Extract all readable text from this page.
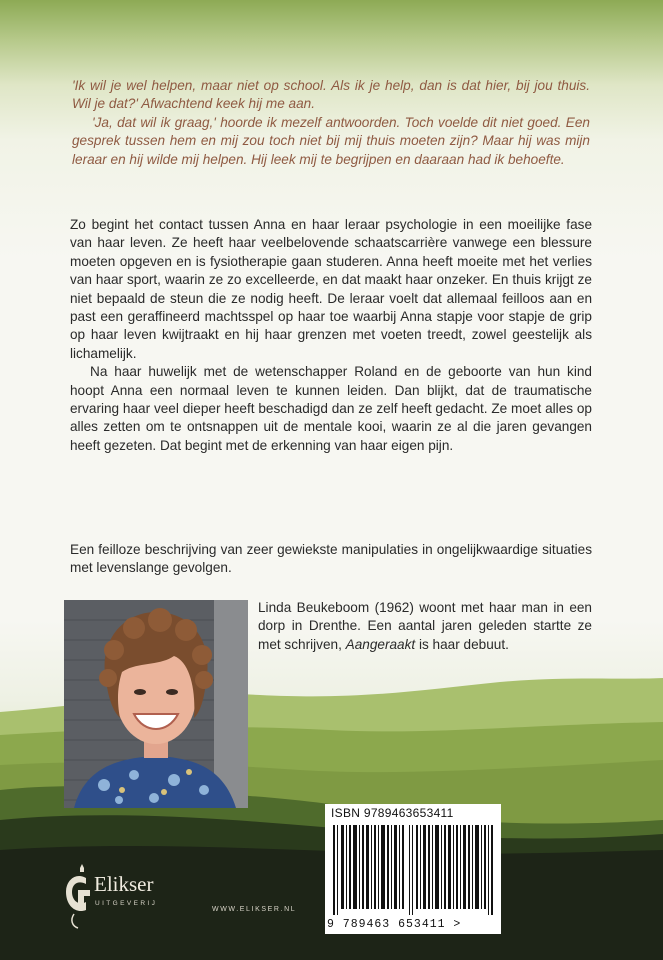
'Ik wil je wel helpen, maar niet op school. Als ik je help, dan is dat hier, bij jou thuis. Wil je dat?' Afwachtend keek hij me aan.

'Ja, dat wil ik graag,' hoorde ik mezelf antwoorden. Toch voelde dit niet goed. Een gesprek tussen hem en mij zou toch niet bij mij thuis moeten zijn? Maar hij was mijn leraar en hij wilde mij helpen. Hij leek mij te begrijpen en daaraan had ik behoefte.

Zo begint het contact tussen Anna en haar leraar psychologie in een moeilijke fase van haar leven. Ze heeft haar veelbelovende schaatscarrière vanwege een blessure moeten opgeven en is fysiotherapie gaan studeren. Anna heeft moeite met het verlies van haar sport, waarin ze zo excelleerde, en dat maakt haar onzeker. En thuis krijgt ze niet bepaald de steun die ze nodig heeft. De leraar voelt dat allemaal feilloos aan en past een geraffineerd machtsspel op haar toe waarbij Anna stapje voor stapje de grip op haar leven kwijtraakt en hij haar grenzen met voeten treedt, zowel geestelijk als lichamelijk.

Na haar huwelijk met de wetenschapper Roland en de geboorte van hun kind hoopt Anna een normaal leven te kunnen leiden. Dan blijkt, dat de traumatische ervaring haar veel dieper heeft beschadigd dan ze zelf heeft gedacht. Ze moet alles op alles zetten om te ontsnappen uit de mentale kooi, waarin ze al die jaren gevangen heeft gezeten. Dat begint met de erkenning van haar eigen pijn.

Een feilloze beschrijving van zeer gewiekste manipulaties in ongelijkwaardige situaties met levenslange gevolgen.
Linda Beukeboom (1962) woont met haar man in een dorp in Drenthe. Een aantal jaren geleden startte ze met schrijven, Aangeraakt is haar debuut.
ISBN 9789463653411
9 789463 653411 >
Elikser
UITGEVERIJ
WWW.ELIKSER.NL
